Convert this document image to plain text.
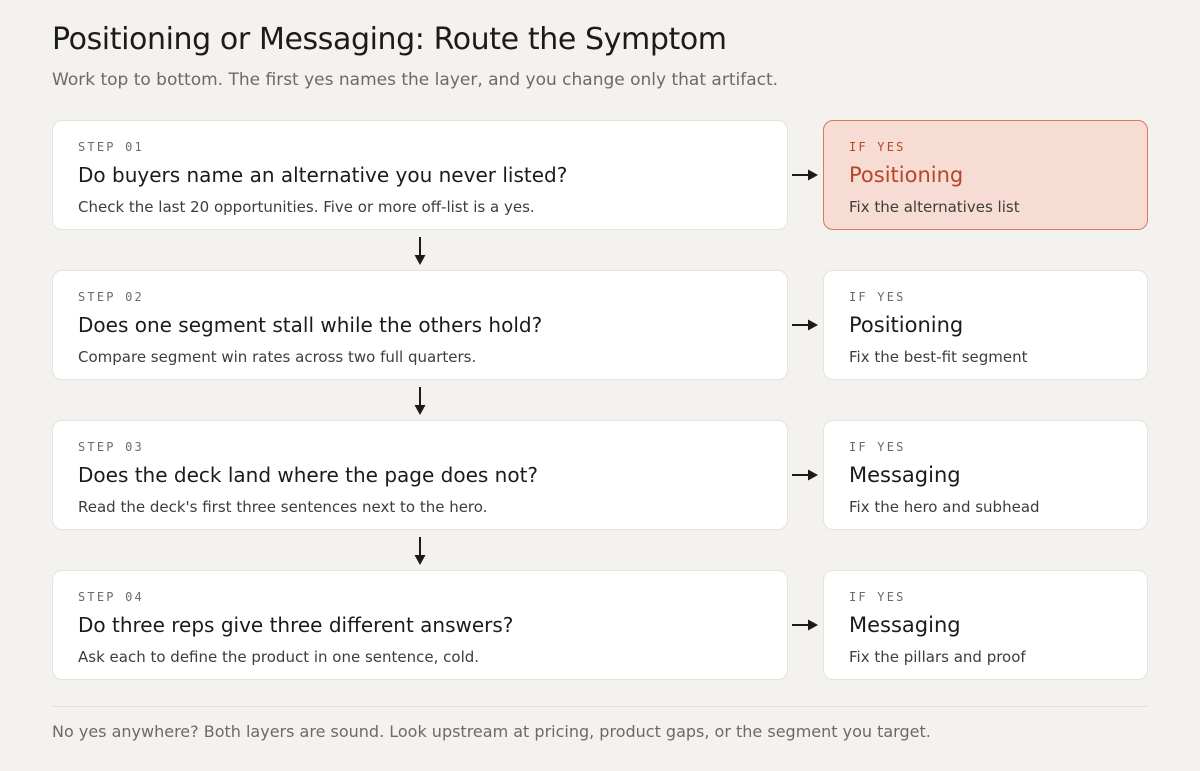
Positioning or Messaging: Route the Symptom
Work top to bottom. The first yes names the layer, and you change only that artifact.
STEP 01
Do buyers name an alternative you never listed?
Check the last 20 opportunities. Five or more off-list is a yes.
IF YES
Positioning
Fix the alternatives list
STEP 02
Does one segment stall while the others hold?
Compare segment win rates across two full quarters.
IF YES
Positioning
Fix the best-fit segment
STEP 03
Does the deck land where the page does not?
Read the deck's first three sentences next to the hero.
IF YES
Messaging
Fix the hero and subhead
STEP 04
Do three reps give three different answers?
Ask each to define the product in one sentence, cold.
IF YES
Messaging
Fix the pillars and proof
No yes anywhere? Both layers are sound. Look upstream at pricing, product gaps, or the segment you target.
